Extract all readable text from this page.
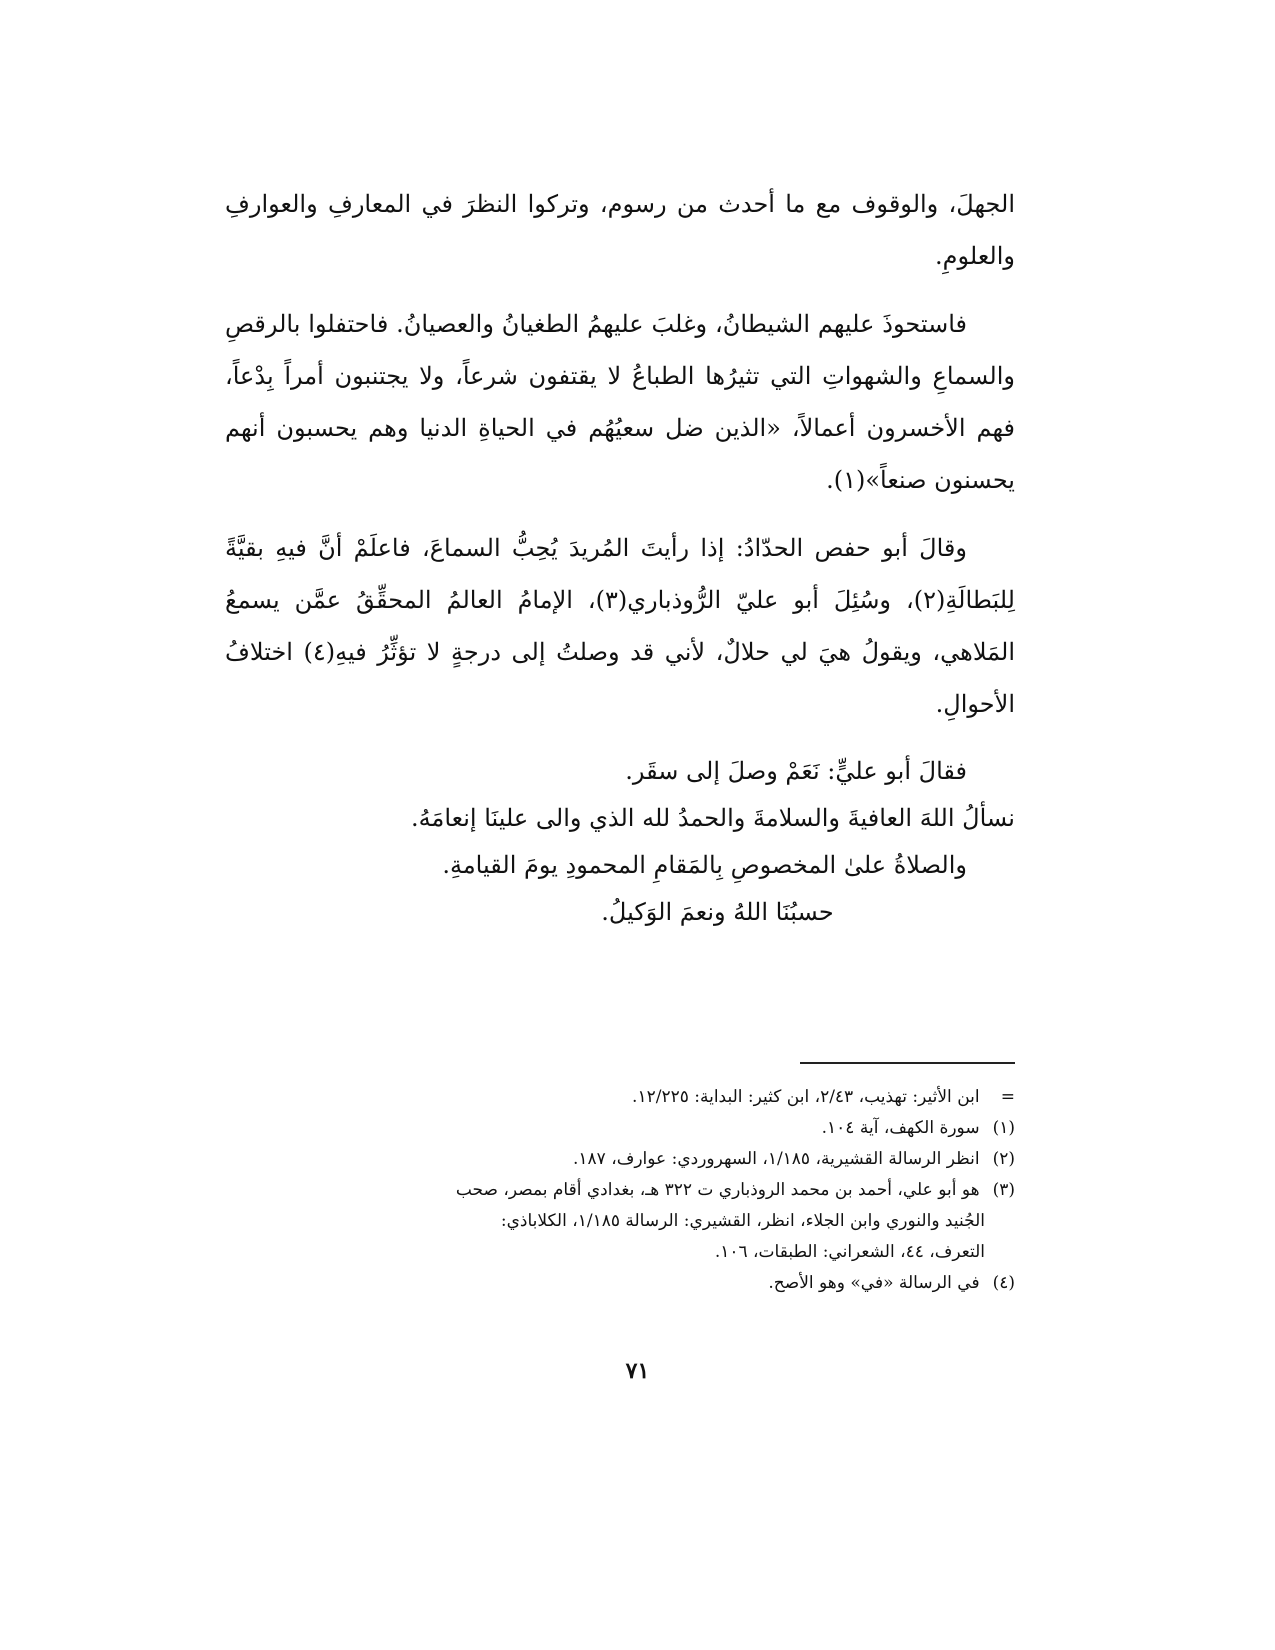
الجهلَ، والوقوف مع ما أحدث من رسوم، وتركوا النظرَ في المعارفِ والعوارفِ والعلومِ.

فاستحوذَ عليهم الشيطانُ، وغلبَ عليهمُ الطغيانُ والعصيانُ. فاحتفلوا بالرقصِ والسماعِ والشهواتِ التي تثيرُها الطباعُ لا يقتفون شرعاً، ولا يجتنبون أمراً بِدْعاً، فهم الأخسرون أعمالاً، «الذين ضل سعيُهُم في الحياةِ الدنيا وهم يحسبون أنهم يحسنون صنعاً»(١).

وقالَ أبو حفص الحدّادُ: إذا رأيتَ المُريدَ يُحِبُّ السماعَ، فاعلَمْ أنَّ فيهِ بقيَّةً لِلبَطالَةِ(٢)، وسُئِلَ أبو عليّ الرُّوذباري(٣)، الإمامُ العالمُ المحقِّقُ عمَّن يسمعُ المَلاهي، ويقولُ هيَ لي حلالٌ، لأني قد وصلتُ إلى درجةٍ لا تؤثِّرُ فيهِ(٤) اختلافُ الأحوالِ.

فقالَ أبو عليٍّ: نَعَمْ وصلَ إلى سقَر.
نسألُ اللهَ العافيةَ والسلامةَ والحمدُ لله الذي والى علينَا إنعامَهُ.
والصلاةُ علىٰ المخصوصِ بِالمَقامِ المحمودِ يومَ القيامةِ.
حسبُنَا اللهُ ونعمَ الوَكيلُ.

= ابن الأثير: تهذيب، ٢/٤٣، ابن كثير: البداية: ١٢/٢٢٥.

(١) سورة الكهف، آية ١٠٤.

(٢) انظر الرسالة القشيرية، ١/١٨٥، السهروردي: عوارف، ١٨٧.

(٣) هو أبو علي، أحمد بن محمد الروذباري ت ٣٢٢ هـ، بغدادي أقام بمصر، صحب

الجُنيد والنوري وابن الجلاء، انظر، القشيري: الرسالة ١/١٨٥، الكلاباذي:

التعرف، ٤٤، الشعراني: الطبقات، ١٠٦.

(٤) في الرسالة «في» وهو الأصح.

٧١
